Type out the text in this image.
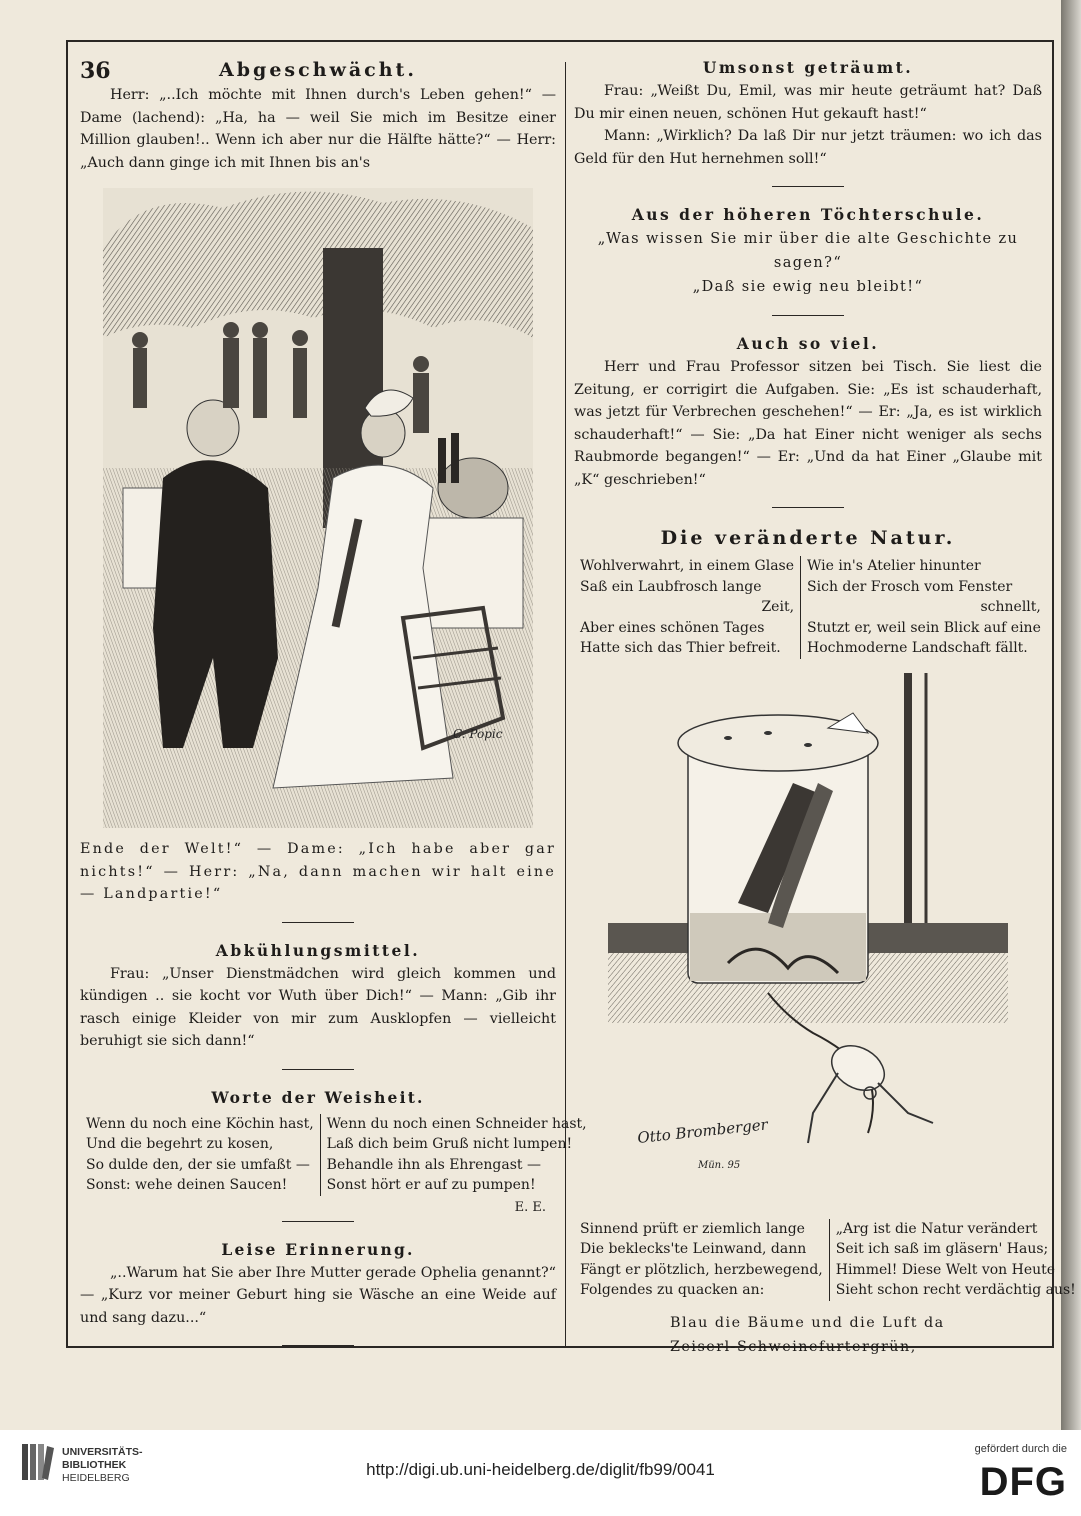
36	Abgeschwächt.

Herr: „..Ich möchte mit Ihnen durch's Leben gehen!“ — Dame (lachend): „Ha, ha — weil Sie mich im Besitze einer Million glauben!.. Wenn ich aber nur die Hälfte hätte?“ — Herr: „Auch dann ginge ich mit Ihnen bis an's

C. Popic

Ende der Welt!“ — Dame: „Ich habe aber gar nichts!“ — Herr: „Na, dann machen wir halt eine — Landpartie!“

Abkühlungsmittel.

Frau: „Unser Dienstmädchen wird gleich kommen und kündigen .. sie kocht vor Wuth über Dich!“ — Mann: „Gib ihr rasch einige Kleider von mir zum Ausklopfen — vielleicht beruhigt sie sich dann!“

Worte der Weisheit.
Wenn du noch eine Köchin hast,
Und die begehrt zu kosen,
So dulde den, der sie umfaßt —
Sonst: wehe deinen Saucen!
Wenn du noch einen Schneider hast,
Laß dich beim Gruß nicht lumpen!
Behandle ihn als Ehrengast —
Sonst hört er auf zu pumpen!
E. E.
Leise Erinnerung.

„..Warum hat Sie aber Ihre Mutter gerade Ophelia genannt?“ — „Kurz vor meiner Geburt hing sie Wäsche an eine Weide auf und sang dazu...“

Umsonst geträumt.

Frau: „Weißt Du, Emil, was mir heute geträumt hat? Daß Du mir einen neuen, schönen Hut gekauft hast!“

Mann: „Wirklich? Da laß Dir nur jetzt träumen: wo ich das Geld für den Hut hernehmen soll!“

Aus der höheren Töchterschule.
„Was wissen Sie mir über die alte Geschichte zu sagen?“
„Daß sie ewig neu bleibt!“
Auch so viel.

Herr und Frau Professor sitzen bei Tisch. Sie liest die Zeitung, er corrigirt die Aufgaben. Sie: „Es ist schauderhaft, was jetzt für Verbrechen geschehen!“ — Er: „Ja, es ist wirklich schauderhaft!“ — Sie: „Da hat Einer nicht weniger als sechs Raubmorde begangen!“ — Er: „Und da hat Einer „Glaube mit „K“ geschrieben!“

Die veränderte Natur.
Wohlverwahrt, in einem Glase
Saß ein Laubfrosch lange
Zeit,
Aber eines schönen Tages
Hatte sich das Thier befreit.
Wie in's Atelier hinunter
Sich der Frosch vom Fenster
schnellt,
Stutzt er, weil sein Blick auf eine
Hochmoderne Landschaft fällt.
Otto Bromberger
Mün. 95
Sinnend prüft er ziemlich lange
Die beklecks'te Leinwand, dann
Fängt er plötzlich, herzbewegend,
Folgendes zu quacken an:
„Arg ist die Natur verändert
Seit ich saß im gläsern' Haus;
Himmel! Diese Welt von Heute
Sieht schon recht verdächtig aus!
Blau die Bäume und die Luft da
Zeiserl-Schweinefurtergrün,
UNIVERSITÄTS-
BIBLIOTHEK
HEIDELBERG	http://digi.ub.uni-heidelberg.de/diglit/fb99/0041
gefördert durch die
DFG
